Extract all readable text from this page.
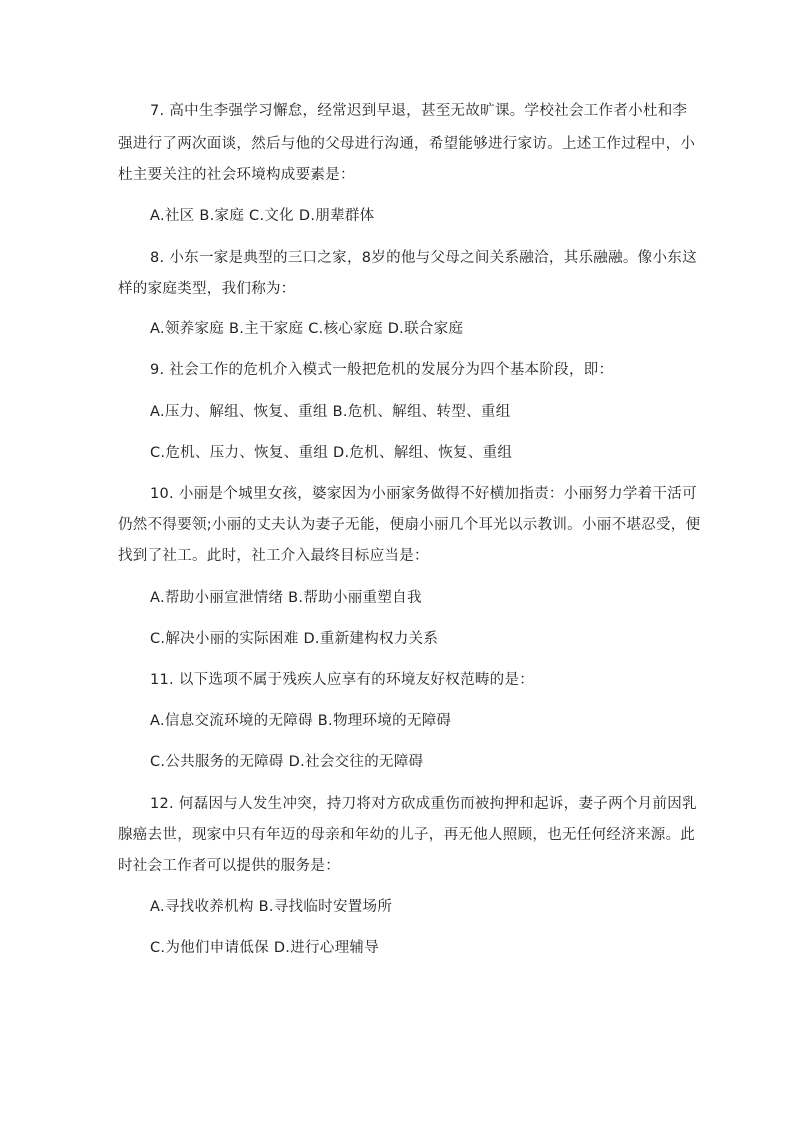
7. 高中生李强学习懈怠，经常迟到早退，甚至无故旷课。学校社会工作者小杜和李
强进行了两次面谈，然后与他的父母进行沟通，希望能够进行家访。上述工作过程中，小
杜主要关注的社会环境构成要素是：
A.社区 B.家庭 C.文化 D.朋辈群体
8. 小东一家是典型的三口之家，8岁的他与父母之间关系融洽，其乐融融。像小东这
样的家庭类型，我们称为：
A.领养家庭 B.主干家庭 C.核心家庭 D.联合家庭
9. 社会工作的危机介入模式一般把危机的发展分为四个基本阶段，即：
A.压力、解组、恢复、重组 B.危机、解组、转型、重组
C.危机、压力、恢复、重组 D.危机、解组、恢复、重组
10. 小丽是个城里女孩，婆家因为小丽家务做得不好横加指责：小丽努力学着干活可
仍然不得要领;小丽的丈夫认为妻子无能，便扇小丽几个耳光以示教训。小丽不堪忍受，便
找到了社工。此时，社工介入最终目标应当是：
A.帮助小丽宣泄情绪 B.帮助小丽重塑自我
C.解决小丽的实际困难 D.重新建构权力关系
11. 以下选项不属于残疾人应享有的环境友好权范畴的是：
A.信息交流环境的无障碍 B.物理环境的无障碍
C.公共服务的无障碍 D.社会交往的无障碍
12. 何磊因与人发生冲突，持刀将对方砍成重伤而被拘押和起诉，妻子两个月前因乳
腺癌去世，现家中只有年迈的母亲和年幼的儿子，再无他人照顾，也无任何经济来源。此
时社会工作者可以提供的服务是：
A.寻找收养机构 B.寻找临时安置场所
C.为他们申请低保 D.进行心理辅导
